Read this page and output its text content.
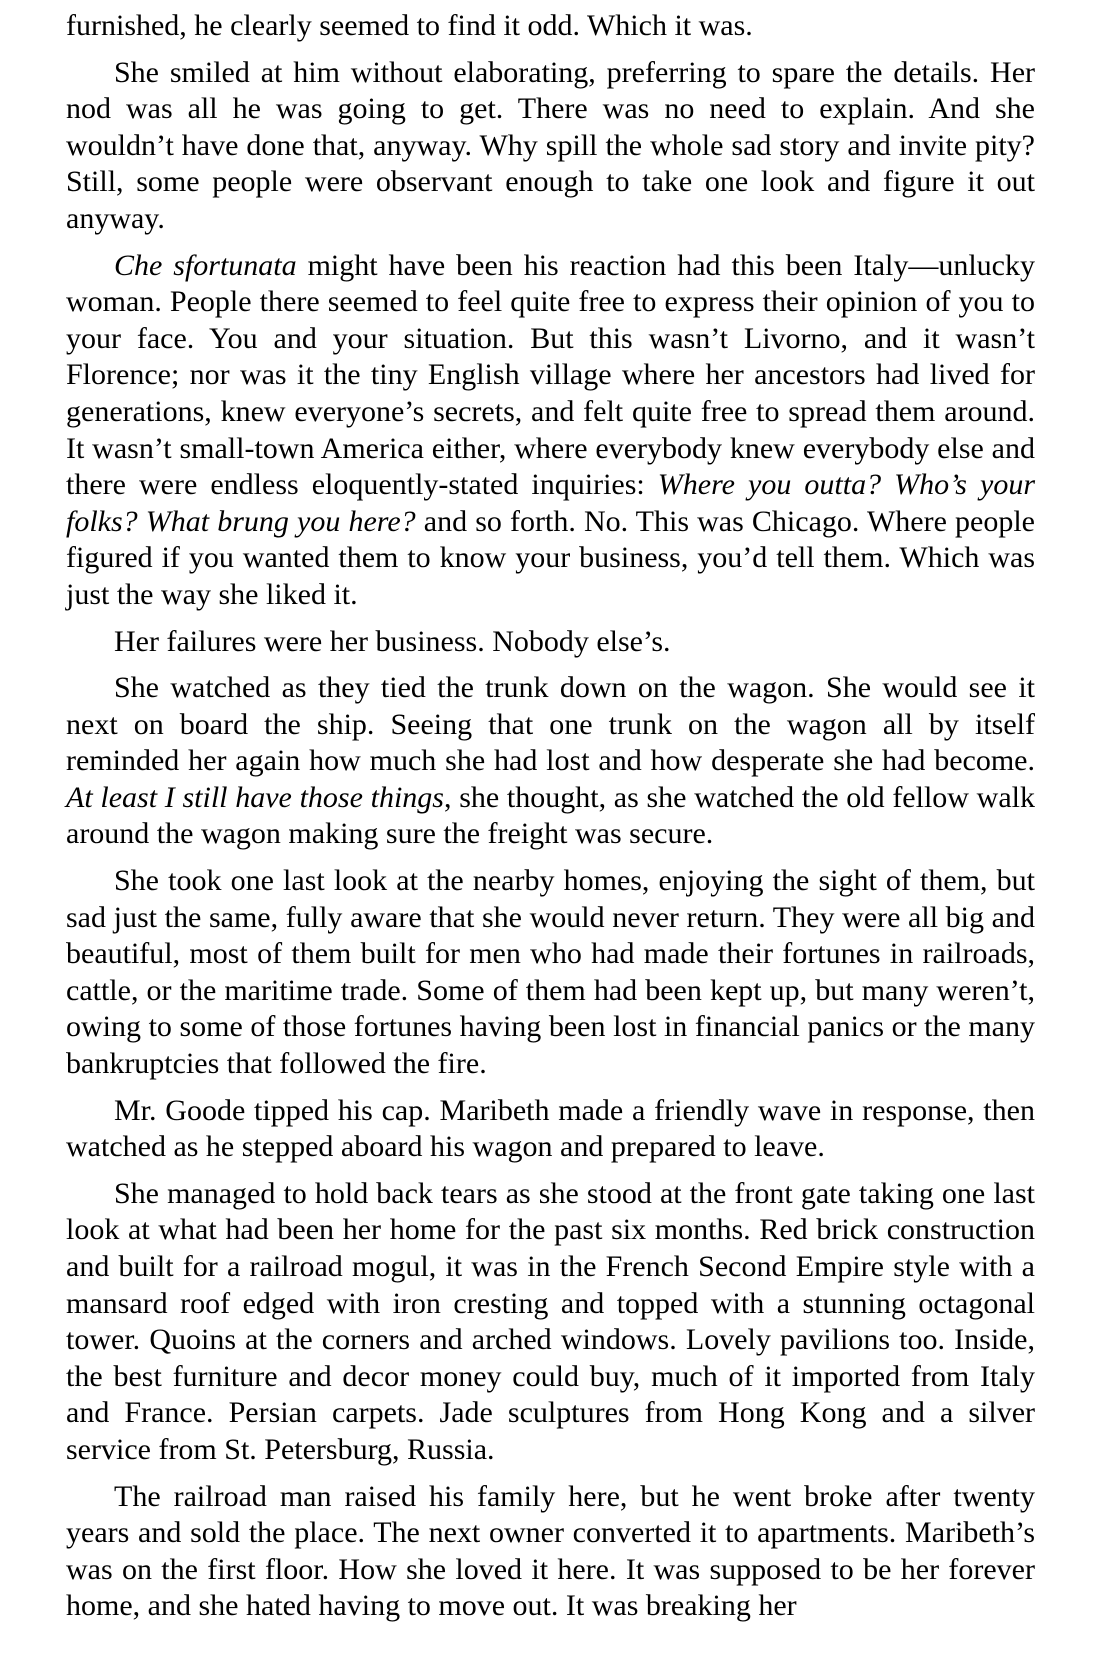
furnished, he clearly seemed to find it odd. Which it was.

She smiled at him without elaborating, preferring to spare the details. Her nod was all he was going to get. There was no need to explain. And she wouldn’t have done that, anyway. Why spill the whole sad story and invite pity? Still, some people were observant enough to take one look and figure it out anyway.

Che sfortunata might have been his reaction had this been Italy—unlucky woman. People there seemed to feel quite free to express their opinion of you to your face. You and your situation. But this wasn’t Livorno, and it wasn’t Florence; nor was it the tiny English village where her ancestors had lived for generations, knew everyone’s secrets, and felt quite free to spread them around. It wasn’t small-town America either, where everybody knew everybody else and there were endless eloquently-stated inquiries: Where you outta? Who’s your folks? What brung you here? and so forth. No. This was Chicago. Where people figured if you wanted them to know your business, you’d tell them. Which was just the way she liked it.

Her failures were her business. Nobody else’s.

She watched as they tied the trunk down on the wagon. She would see it next on board the ship. Seeing that one trunk on the wagon all by itself reminded her again how much she had lost and how desperate she had become. At least I still have those things, she thought, as she watched the old fellow walk around the wagon making sure the freight was secure.

She took one last look at the nearby homes, enjoying the sight of them, but sad just the same, fully aware that she would never return. They were all big and beautiful, most of them built for men who had made their fortunes in railroads, cattle, or the maritime trade. Some of them had been kept up, but many weren’t, owing to some of those fortunes having been lost in financial panics or the many bankruptcies that followed the fire.

Mr. Goode tipped his cap. Maribeth made a friendly wave in response, then watched as he stepped aboard his wagon and prepared to leave.

She managed to hold back tears as she stood at the front gate taking one last look at what had been her home for the past six months. Red brick construction and built for a railroad mogul, it was in the French Second Empire style with a mansard roof edged with iron cresting and topped with a stunning octagonal tower. Quoins at the corners and arched windows. Lovely pavilions too. Inside, the best furniture and decor money could buy, much of it imported from Italy and France. Persian carpets. Jade sculptures from Hong Kong and a silver service from St. Petersburg, Russia.

The railroad man raised his family here, but he went broke after twenty years and sold the place. The next owner converted it to apartments. Maribeth’s was on the first floor. How she loved it here. It was supposed to be her forever home, and she hated having to move out. It was breaking her
